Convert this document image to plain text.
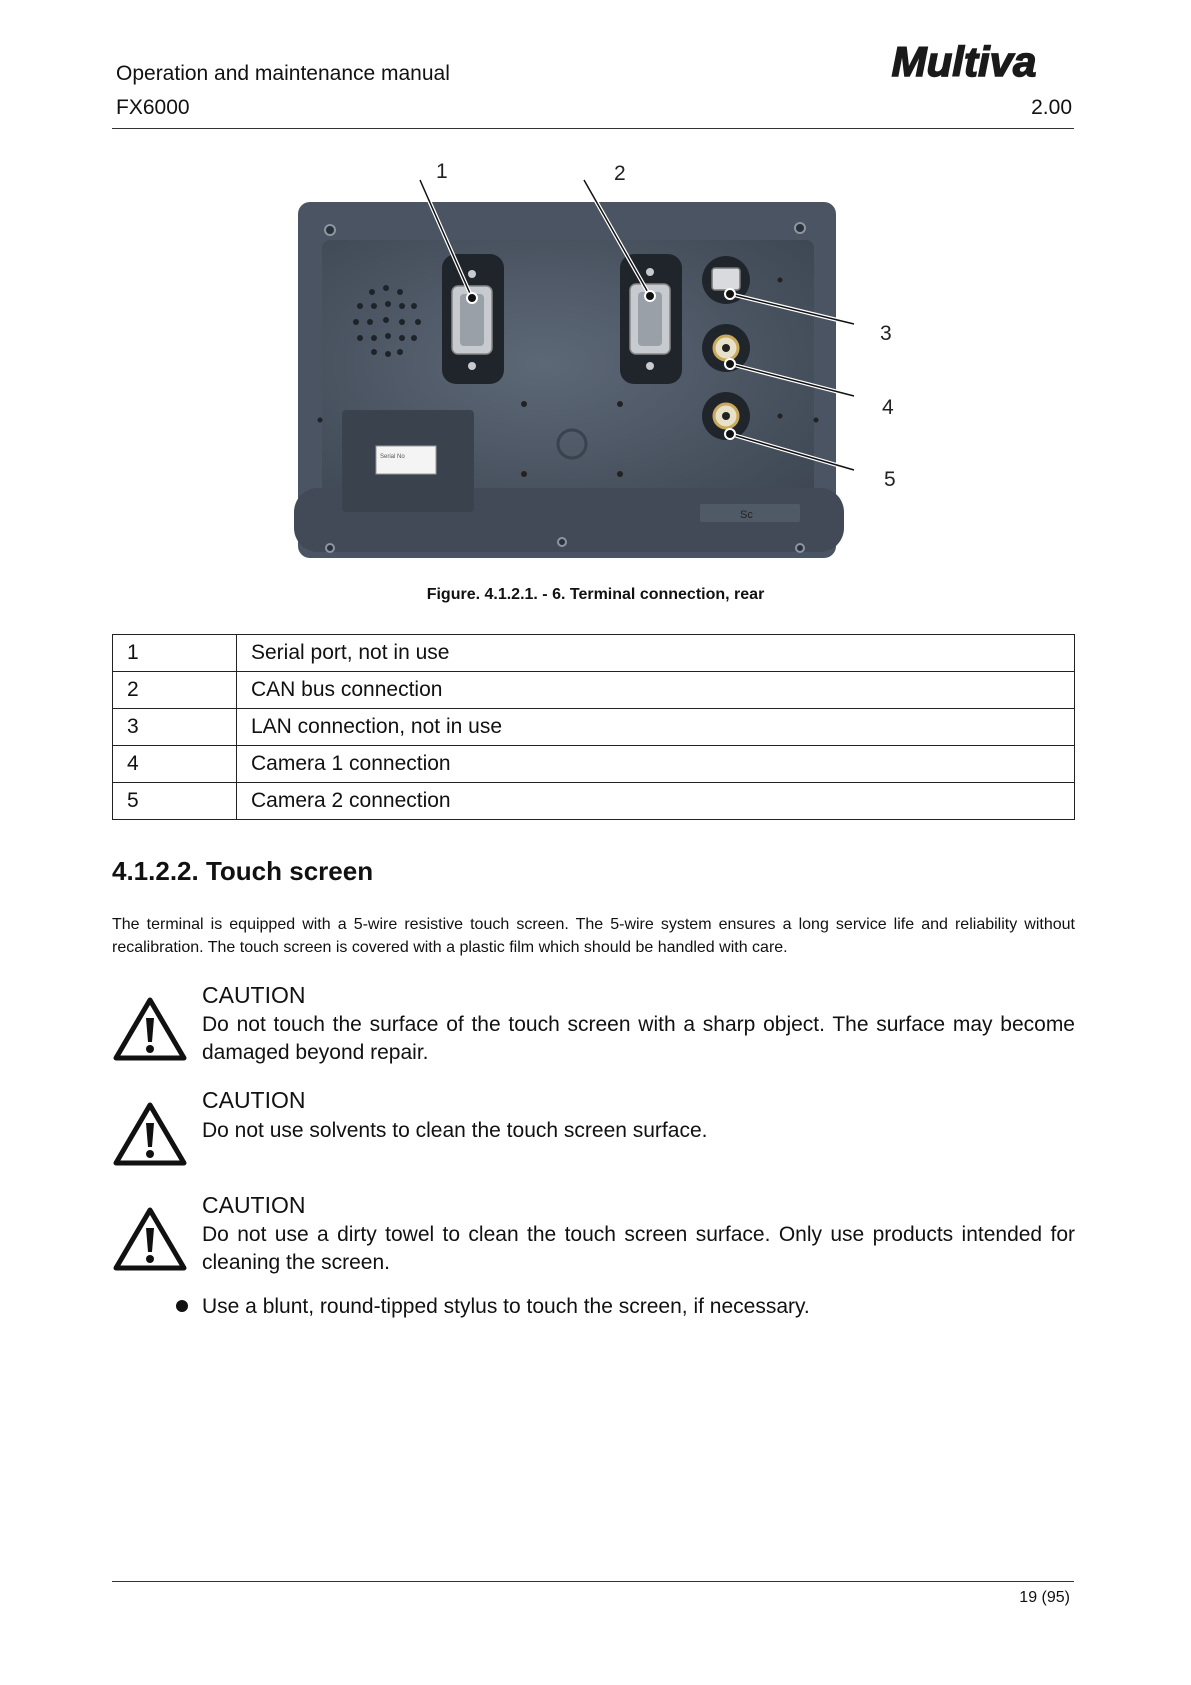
Operation and maintenance manual
FX6000	2.00
Multiva
Serial No
Sc
1	2
3
4
5
Figure. 4.1.2.1. - 6. Terminal connection, rear
1	Serial port, not in use
2	CAN bus connection
3	LAN connection, not in use
4	Camera 1 connection
5	Camera 2 connection
4.1.2.2. Touch screen
The terminal is equipped with a 5-wire resistive touch screen. The 5-wire system ensures a long service life and reliability without recalibration. The touch screen is covered with a plastic film which should be handled with care.
CAUTION
Do not touch the surface of the touch screen with a sharp object. The surface may become damaged beyond repair.
CAUTION
Do not use solvents to clean the touch screen surface.
CAUTION
Do not use a dirty towel to clean the touch screen surface. Only use products intended for cleaning the screen.
Use a blunt, round-tipped stylus to touch the screen, if necessary.
19 (95)
